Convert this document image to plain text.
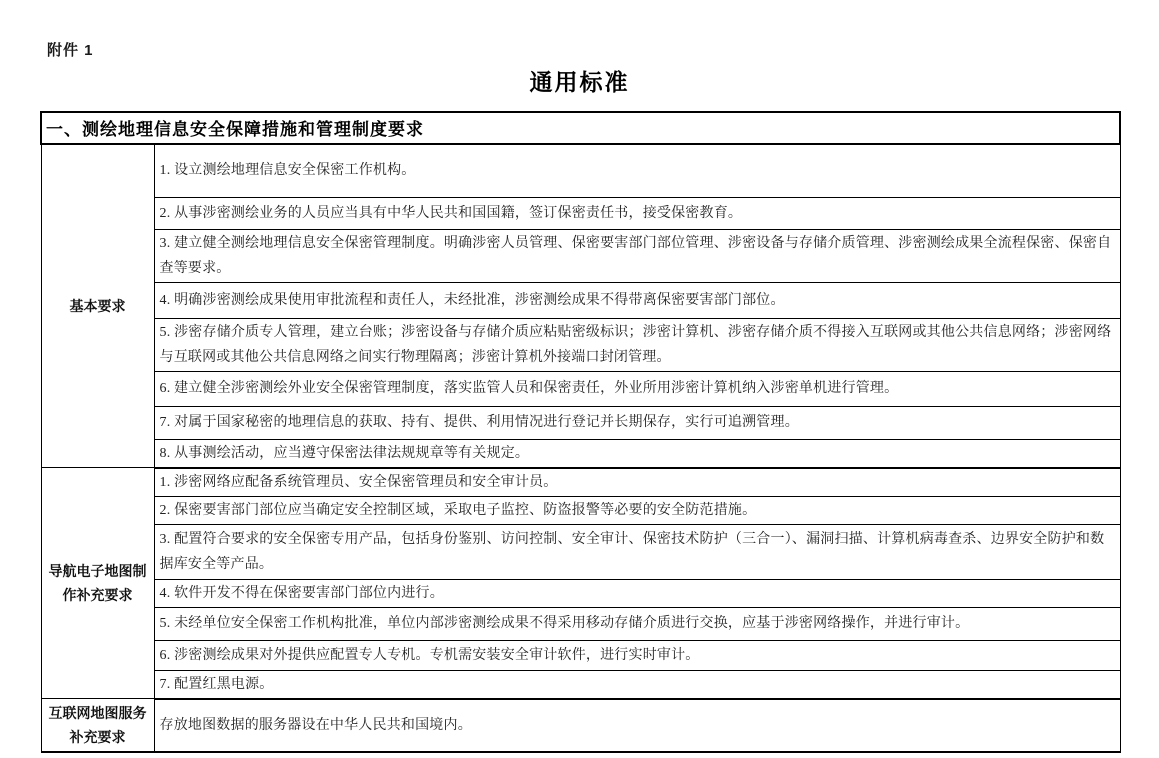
附件 1
通用标准
一、测绘地理信息安全保障措施和管理制度要求	
基本要求	1. 设立测绘地理信息安全保密工作机构。
	2. 从事涉密测绘业务的人员应当具有中华人民共和国国籍，签订保密责任书，接受保密教育。
	3. 建立健全测绘地理信息安全保密管理制度。明确涉密人员管理、保密要害部门部位管理、涉密设备与存储介质管理、涉密测绘成果全流程保密、保密自查等要求。
	4. 明确涉密测绘成果使用审批流程和责任人，未经批准，涉密测绘成果不得带离保密要害部门部位。
	5. 涉密存储介质专人管理，建立台账；涉密设备与存储介质应粘贴密级标识；涉密计算机、涉密存储介质不得接入互联网或其他公共信息网络；涉密网络与互联网或其他公共信息网络之间实行物理隔离；涉密计算机外接端口封闭管理。
	6. 建立健全涉密测绘外业安全保密管理制度，落实监管人员和保密责任，外业所用涉密计算机纳入涉密单机进行管理。
	7. 对属于国家秘密的地理信息的获取、持有、提供、利用情况进行登记并长期保存，实行可追溯管理。
	8. 从事测绘活动，应当遵守保密法律法规规章等有关规定。
导航电子地图制作补充要求	1. 涉密网络应配备系统管理员、安全保密管理员和安全审计员。
	2. 保密要害部门部位应当确定安全控制区域，采取电子监控、防盗报警等必要的安全防范措施。
	3. 配置符合要求的安全保密专用产品，包括身份鉴别、访问控制、安全审计、保密技术防护（三合一）、漏洞扫描、计算机病毒查杀、边界安全防护和数据库安全等产品。
	4. 软件开发不得在保密要害部门部位内进行。
	5. 未经单位安全保密工作机构批准，单位内部涉密测绘成果不得采用移动存储介质进行交换，应基于涉密网络操作，并进行审计。
	6. 涉密测绘成果对外提供应配置专人专机。专机需安装安全审计软件，进行实时审计。
	7. 配置红黑电源。
互联网地图服务补充要求	存放地图数据的服务器设在中华人民共和国境内。
